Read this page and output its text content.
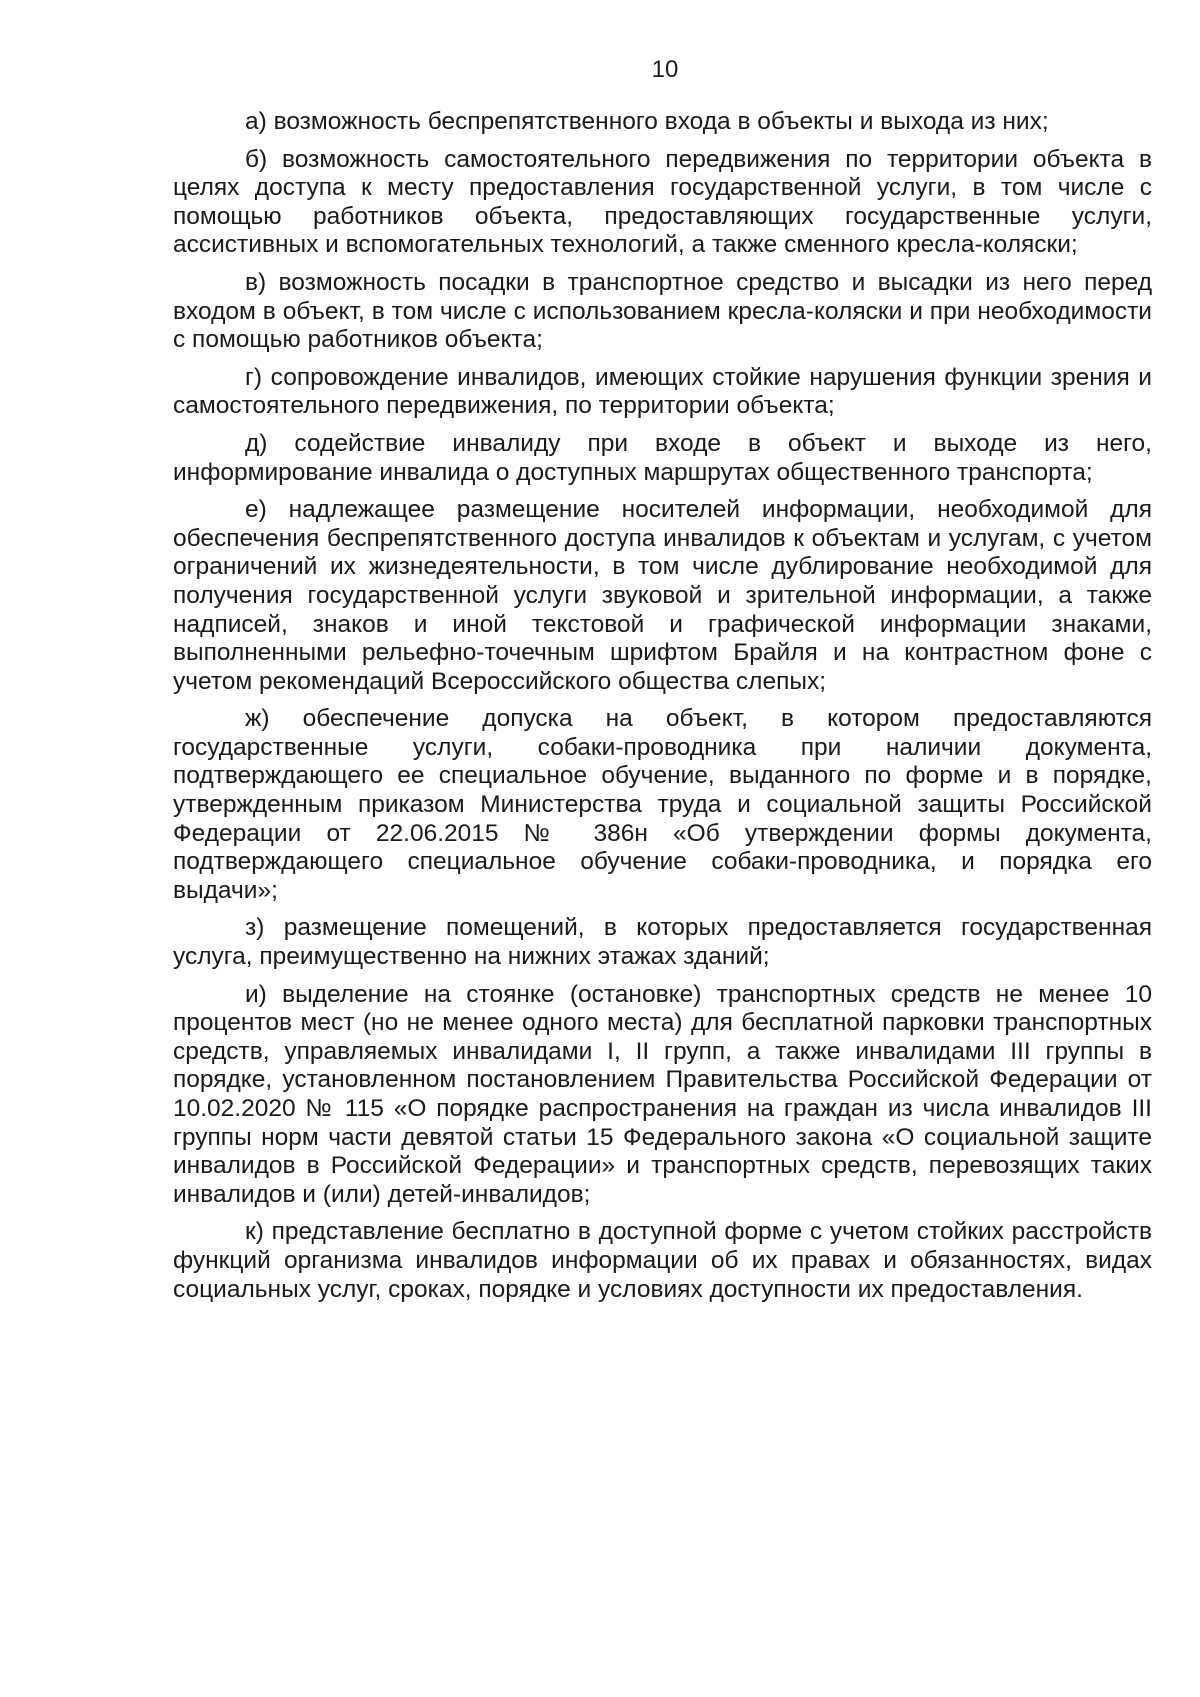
10

а) возможность беспрепятственного входа в объекты и выхода из них;

б) возможность самостоятельного передвижения по территории объекта в целях доступа к месту предоставления государственной услуги, в том числе с помощью работников объекта, предоставляющих государственные услуги, ассистивных и вспомогательных технологий, а также сменного кресла-коляски;

в) возможность посадки в транспортное средство и высадки из него перед входом в объект, в том числе с использованием кресла-коляски и при необходимости с помощью работников объекта;

г) сопровождение инвалидов, имеющих стойкие нарушения функции зрения и самостоятельного передвижения, по территории объекта;

д) содействие инвалиду при входе в объект и выходе из него, информирование инвалида о доступных маршрутах общественного транспорта;

е) надлежащее размещение носителей информации, необходимой для обеспечения беспрепятственного доступа инвалидов к объектам и услугам, с учетом ограничений их жизнедеятельности, в том числе дублирование необходимой для получения государственной услуги звуковой и зрительной информации, а также надписей, знаков и иной текстовой и графической информации знаками, выполненными рельефно-точечным шрифтом Брайля и на контрастном фоне с учетом рекомендаций Всероссийского общества слепых;

ж) обеспечение допуска на объект, в котором предоставляются государственные услуги, собаки-проводника при наличии документа, подтверждающего ее специальное обучение, выданного по форме и в порядке, утвержденным приказом Министерства труда и социальной защиты Российской Федерации от 22.06.2015 № 386н «Об утверждении формы документа, подтверждающего специальное обучение собаки-проводника, и порядка его выдачи»;

з) размещение помещений, в которых предоставляется государственная услуга, преимущественно на нижних этажах зданий;

и) выделение на стоянке (остановке) транспортных средств не менее 10 процентов мест (но не менее одного места) для бесплатной парковки транспортных средств, управляемых инвалидами I, II групп, а также инвалидами III группы в порядке, установленном постановлением Правительства Российской Федерации от 10.02.2020 № 115 «О порядке распространения на граждан из числа инвалидов III группы норм части девятой статьи 15 Федерального закона «О социальной защите инвалидов в Российской Федерации» и транспортных средств, перевозящих таких инвалидов и (или) детей-инвалидов;

к) представление бесплатно в доступной форме с учетом стойких расстройств функций организма инвалидов информации об их правах и обязанностях, видах социальных услуг, сроках, порядке и условиях доступности их предоставления.
